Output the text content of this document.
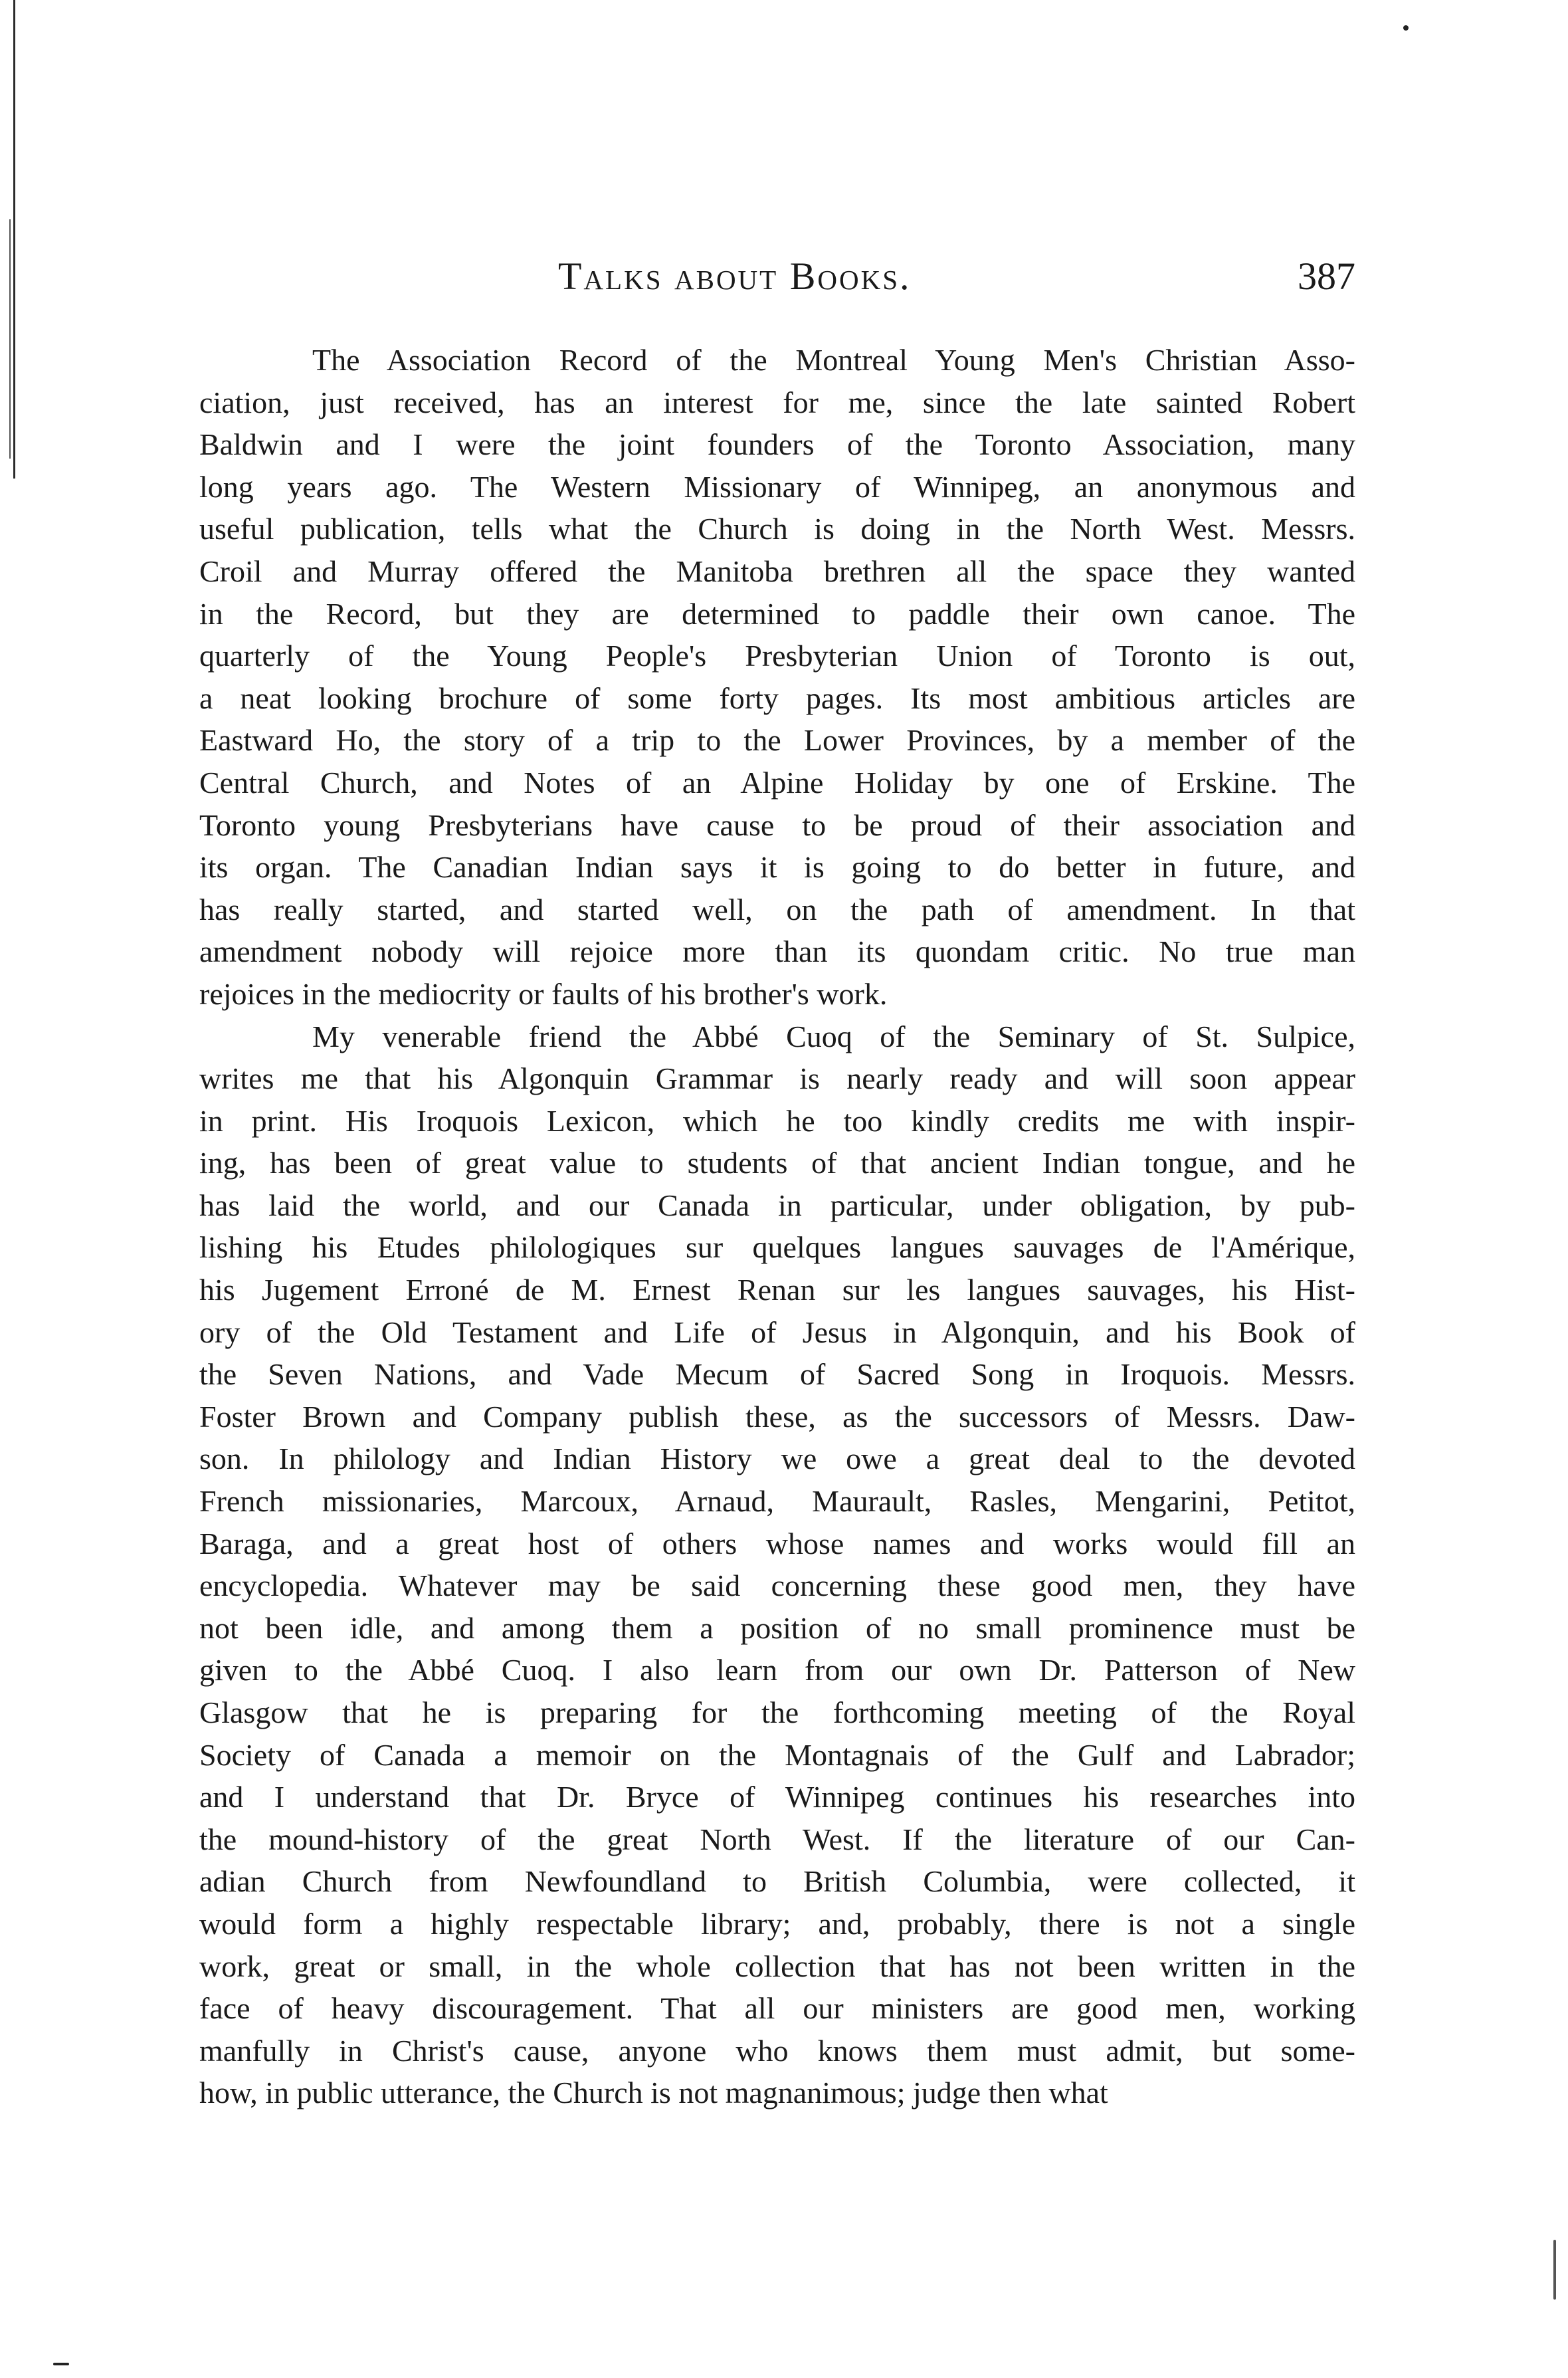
Talks about Books.	387

The Association Record of the Montreal Young Men's Christian Asso-
ciation, just received, has an interest for me, since the late sainted Robert
Baldwin and I were the joint founders of the Toronto Association, many
long years ago. The Western Missionary of Winnipeg, an anonymous and
useful publication, tells what the Church is doing in the North West. Messrs.
Croil and Murray offered the Manitoba brethren all the space they wanted
in the Record, but they are determined to paddle their own canoe. The
quarterly of the Young People's Presbyterian Union of Toronto is out,
a neat looking brochure of some forty pages. Its most ambitious articles are
Eastward Ho, the story of a trip to the Lower Provinces, by a member of the
Central Church, and Notes of an Alpine Holiday by one of Erskine. The
Toronto young Presbyterians have cause to be proud of their association and
its organ. The Canadian Indian says it is going to do better in future, and
has really started, and started well, on the path of amendment. In that
amendment nobody will rejoice more than its quondam critic. No true man
rejoices in the mediocrity or faults of his brother's work.

My venerable friend the Abbé Cuoq of the Seminary of St. Sulpice,
writes me that his Algonquin Grammar is nearly ready and will soon appear
in print. His Iroquois Lexicon, which he too kindly credits me with inspir-
ing, has been of great value to students of that ancient Indian tongue, and he
has laid the world, and our Canada in particular, under obligation, by pub-
lishing his Etudes philologiques sur quelques langues sauvages de l'Amérique,
his Jugement Erroné de M. Ernest Renan sur les langues sauvages, his Hist-
ory of the Old Testament and Life of Jesus in Algonquin, and his Book of
the Seven Nations, and Vade Mecum of Sacred Song in Iroquois. Messrs.
Foster Brown and Company publish these, as the successors of Messrs. Daw-
son. In philology and Indian History we owe a great deal to the devoted
French missionaries, Marcoux, Arnaud, Maurault, Rasles, Mengarini, Petitot,
Baraga, and a great host of others whose names and works would fill an
encyclopedia. Whatever may be said concerning these good men, they have
not been idle, and among them a position of no small prominence must be
given to the Abbé Cuoq. I also learn from our own Dr. Patterson of New
Glasgow that he is preparing for the forthcoming meeting of the Royal
Society of Canada a memoir on the Montagnais of the Gulf and Labrador;
and I understand that Dr. Bryce of Winnipeg continues his researches into
the mound-history of the great North West. If the literature of our Can-
adian Church from Newfoundland to British Columbia, were collected, it
would form a highly respectable library; and, probably, there is not a single
work, great or small, in the whole collection that has not been written in the
face of heavy discouragement. That all our ministers are good men, working
manfully in Christ's cause, anyone who knows them must admit, but some-
how, in public utterance, the Church is not magnanimous; judge then what
